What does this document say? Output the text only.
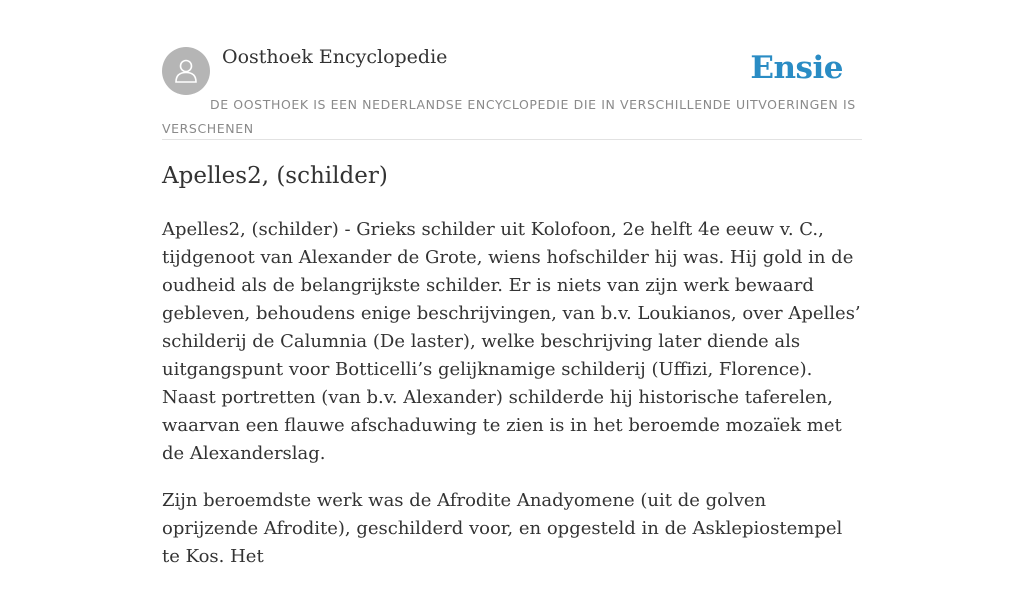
Oosthoek Encyclopedie	Ensie
DE OOSTHOEK IS EEN NEDERLANDSE ENCYCLOPEDIE DIE IN VERSCHILLENDE UITVOERINGEN IS VERSCHENEN
Apelles2, (schilder)

Apelles2, (schilder) - Grieks schilder uit Kolofoon, 2e helft 4e eeuw v. C., tijdgenoot van Alexander de Grote, wiens hofschilder hij was. Hij gold in de oudheid als de belangrijkste schilder. Er is niets van zijn werk bewaard gebleven, behoudens enige beschrijvingen, van b.v. Loukianos, over Apelles’ schilderij de Calumnia (De laster), welke beschrijving later diende als uitgangspunt voor Botticelli’s gelijknamige schilderij (Uffizi, Florence). Naast portretten (van b.v. Alexander) schilderde hij historische taferelen, waarvan een flauwe afschaduwing te zien is in het beroemde mozaïek met de Alexanderslag.

Zijn beroemdste werk was de Afrodite Anadyomene (uit de golven oprijzende Afrodite), geschilderd voor, en opgesteld in de Asklepiostempel te Kos. Het
